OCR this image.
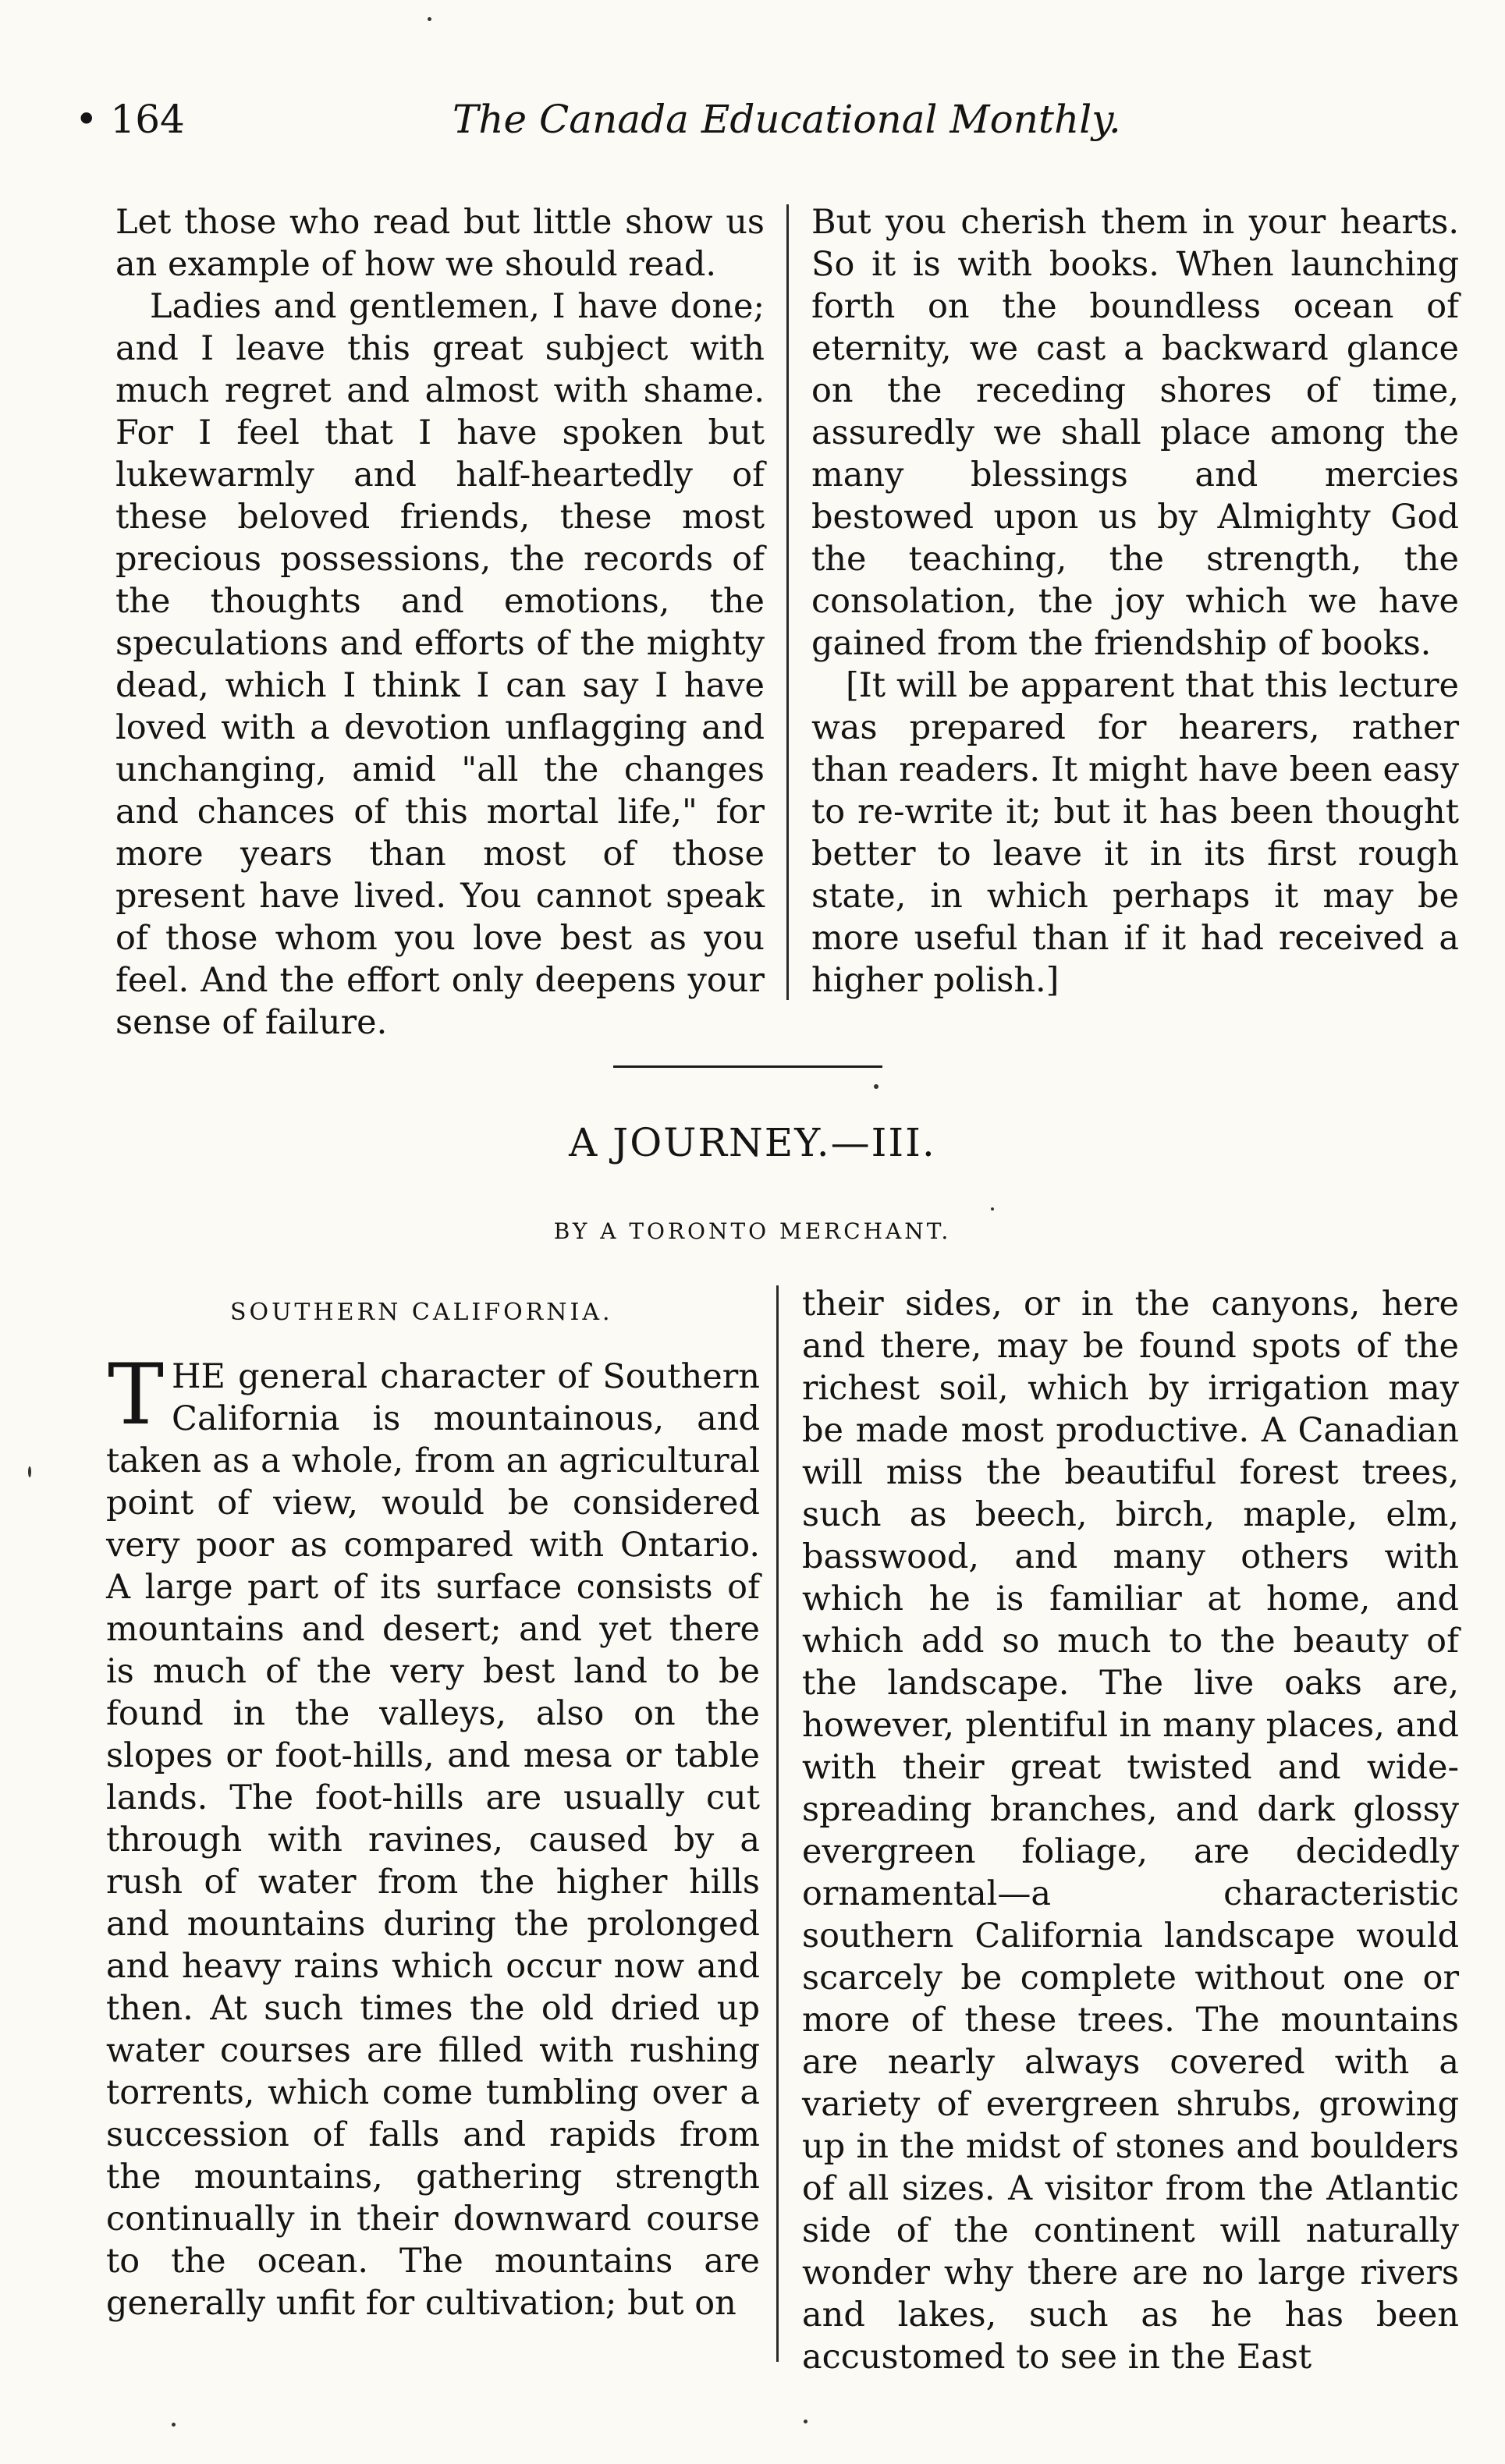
• 164	The Canada Educational Monthly.

Let those who read but little show us an example of how we should read.

Ladies and gentlemen, I have done; and I leave this great subject with much regret and almost with shame. For I feel that I have spoken but lukewarmly and half-heartedly of these beloved friends, these most precious possessions, the records of the thoughts and emotions, the speculations and efforts of the mighty dead, which I think I can say I have loved with a devotion unflagging and unchanging, amid "all the changes and chances of this mortal life," for more years than most of those present have lived. You cannot speak of those whom you love best as you feel. And the effort only deepens your sense of failure.

But you cherish them in your hearts. So it is with books. When launching forth on the boundless ocean of eternity, we cast a backward glance on the receding shores of time, assuredly we shall place among the many blessings and mercies bestowed upon us by Almighty God the teaching, the strength, the consolation, the joy which we have gained from the friendship of books.

[It will be apparent that this lecture was prepared for hearers, rather than readers. It might have been easy to re-write it; but it has been thought better to leave it in its first rough state, in which perhaps it may be more useful than if it had received a higher polish.]

A JOURNEY.—III.
BY A TORONTO MERCHANT.
SOUTHERN CALIFORNIA.

THE general character of Southern California is mountainous, and taken as a whole, from an agricultural point of view, would be considered very poor as compared with Ontario. A large part of its surface consists of mountains and desert; and yet there is much of the very best land to be found in the valleys, also on the slopes or foot-hills, and mesa or table lands. The foot-hills are usually cut through with ravines, caused by a rush of water from the higher hills and mountains during the prolonged and heavy rains which occur now and then. At such times the old dried up water courses are filled with rushing torrents, which come tumbling over a succession of falls and rapids from the mountains, gathering strength continually in their downward course to the ocean. The mountains are generally unfit for cultivation; but on

their sides, or in the canyons, here and there, may be found spots of the richest soil, which by irrigation may be made most productive. A Canadian will miss the beautiful forest trees, such as beech, birch, maple, elm, basswood, and many others with which he is familiar at home, and which add so much to the beauty of the landscape. The live oaks are, however, plentiful in many places, and with their great twisted and wide-spreading branches, and dark glossy evergreen foliage, are decidedly ornamental—a characteristic southern California landscape would scarcely be complete without one or more of these trees. The mountains are nearly always covered with a variety of evergreen shrubs, growing up in the midst of stones and boulders of all sizes. A visitor from the Atlantic side of the continent will naturally wonder why there are no large rivers and lakes, such as he has been accustomed to see in the East
